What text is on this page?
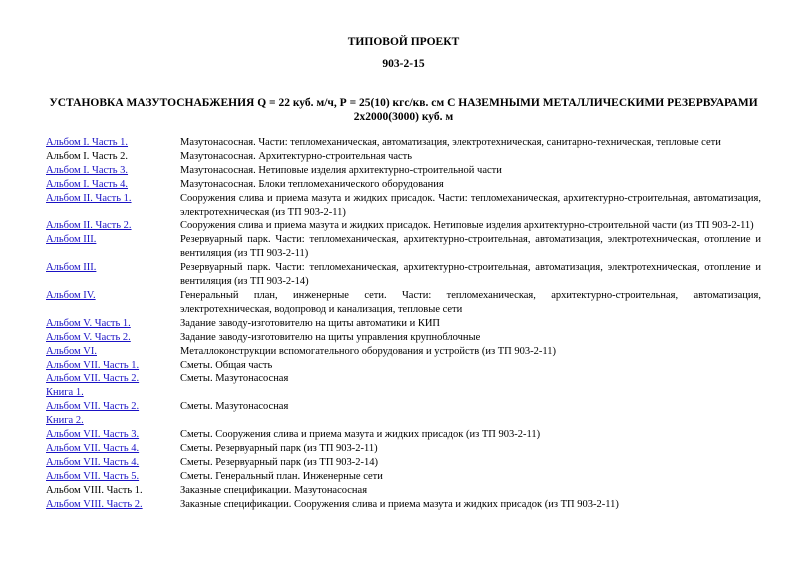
ТИПОВОЙ ПРОЕКТ
903-2-15
УСТАНОВКА МАЗУТОСНАБЖЕНИЯ Q = 22 куб. м/ч, Р = 25(10) кгс/кв. см С НАЗЕМНЫМИ МЕТАЛЛИЧЕСКИМИ РЕЗЕРВУАРАМИ 2х2000(3000) куб. м
Альбом I. Часть 1.	Мазутонасосная. Части: тепломеханическая, автоматизация, электротехническая, санитарно-техническая, тепловые сети
Альбом I. Часть 2.	Мазутонасосная. Архитектурно-строительная часть
Альбом I. Часть 3.	Мазутонасосная. Нетиповые изделия архитектурно-строительной части
Альбом I. Часть 4.	Мазутонасосная. Блоки тепломеханического оборудования
Альбом II. Часть 1.	Сооружения слива и приема мазута и жидких присадок. Части: тепломеханическая, архитектурно-строительная, автоматизация, электротехническая (из ТП 903-2-11)
Альбом II. Часть 2.	Сооружения слива и приема мазута и жидких присадок. Нетиповые изделия архитектурно-строительной части (из ТП 903-2-11)
Альбом III.	Резервуарный парк. Части: тепломеханическая, архитектурно-строительная, автоматизация, электротехническая, отопление и вентиляция (из ТП 903-2-11)
Альбом III.	Резервуарный парк. Части: тепломеханическая, архитектурно-строительная, автоматизация, электротехническая, отопление и вентиляция (из ТП 903-2-14)
Альбом IV.	Генеральный план, инженерные сети. Части: тепломеханическая, архитектурно-строительная, автоматизация, электротехническая, водопровод и канализация, тепловые сети
Альбом V. Часть 1.	Задание заводу-изготовителю на щиты автоматики и КИП
Альбом V. Часть 2.	Задание заводу-изготовителю на щиты управления крупноблочные
Альбом VI.	Металлоконструкции вспомогательного оборудования и устройств (из ТП 903-2-11)
Альбом VII. Часть 1.	Сметы. Общая часть
Альбом VII. Часть 2.
Книга 1.	Сметы. Мазутонасосная
Альбом VII. Часть 2.
Книга 2.	Сметы. Мазутонасосная
Альбом VII. Часть 3.	Сметы. Сооружения слива и приема мазута и жидких присадок (из ТП 903-2-11)
Альбом VII. Часть 4.	Сметы. Резервуарный парк (из ТП 903-2-11)
Альбом VII. Часть 4.	Сметы. Резервуарный парк (из ТП 903-2-14)
Альбом VII. Часть 5.	Сметы. Генеральный план. Инженерные сети
Альбом VIII. Часть 1.	Заказные спецификации. Мазутонасосная
Альбом VIII. Часть 2.	Заказные спецификации. Сооружения слива и приема мазута и жидких присадок (из ТП 903-2-11)
